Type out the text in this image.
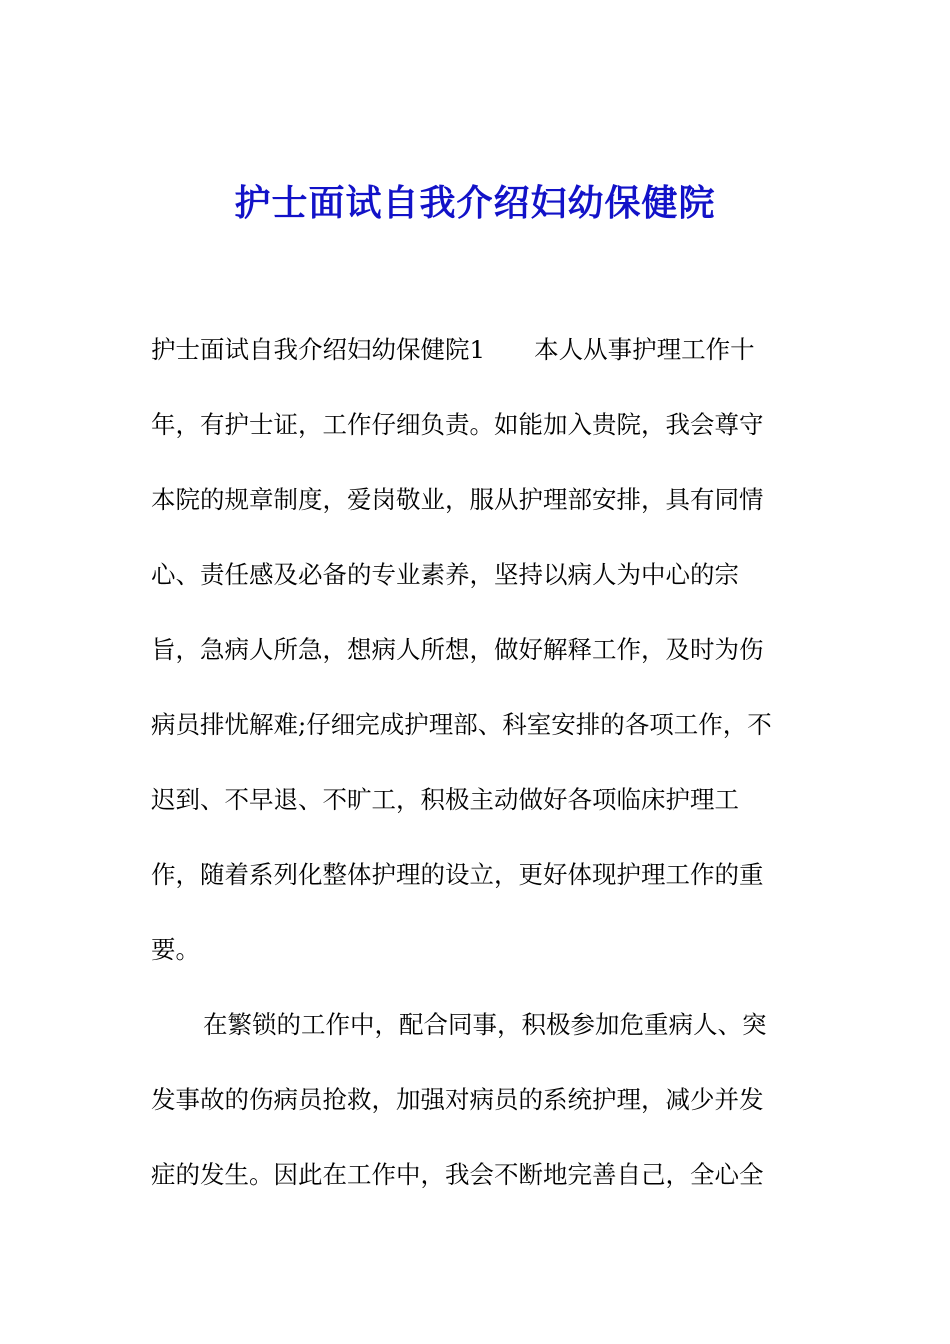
护士面试自我介绍妇幼保健院
护士面试自我介绍妇幼保健院1　　本人从事护理工作十
年，有护士证，工作仔细负责。如能加入贵院，我会尊守
本院的规章制度，爱岗敬业，服从护理部安排，具有同情
心、责任感及必备的专业素养，坚持以病人为中心的宗
旨，急病人所急，想病人所想，做好解释工作，及时为伤
病员排忧解难;仔细完成护理部、科室安排的各项工作，不
迟到、不早退、不旷工，积极主动做好各项临床护理工
作，随着系列化整体护理的设立，更好体现护理工作的重
要。
在繁锁的工作中，配合同事，积极参加危重病人、突
发事故的伤病员抢救，加强对病员的系统护理，减少并发
症的发生。因此在工作中，我会不断地完善自己，全心全
